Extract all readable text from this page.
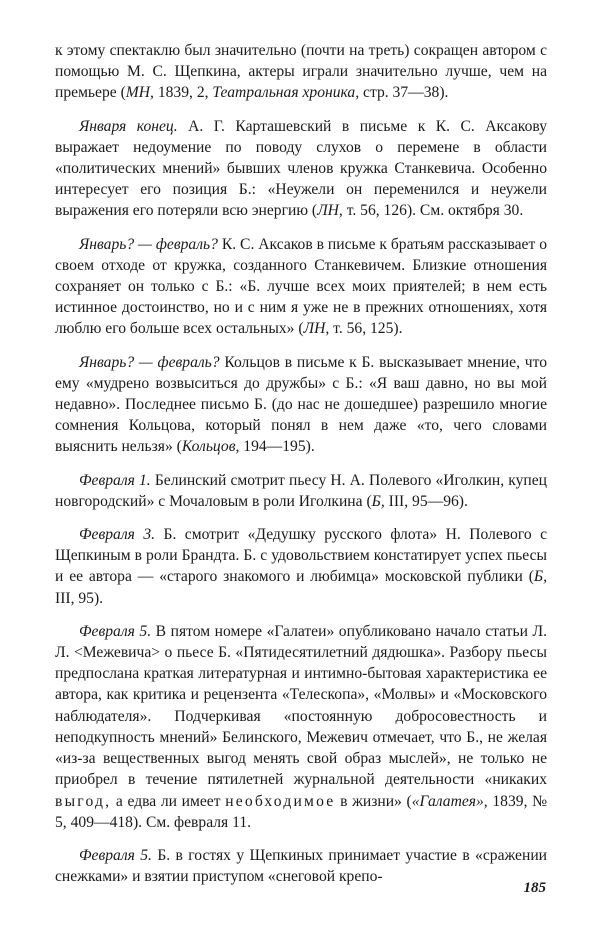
к этому спектаклю был значительно (почти на треть) сокращен автором с помощью М. С. Щепкина, актеры играли значительно лучше, чем на премьере (МН, 1839, 2, Театральная хроника, стр. 37—38).

Января конец. А. Г. Карташевский в письме к К. С. Аксакову выражает недоумение по поводу слухов о перемене в области «политических мнений» бывших членов кружка Станкевича. Особенно интересует его позиция Б.: «Неужели он переменился и неужели выражения его потеряли всю энергию (ЛН, т. 56, 126). См. октября 30.

Январь? — февраль? К. С. Аксаков в письме к братьям рассказывает о своем отходе от кружка, созданного Станкевичем. Близкие отношения сохраняет он только с Б.: «Б. лучше всех моих приятелей; в нем есть истинное достоинство, но и с ним я уже не в прежних отношениях, хотя люблю его больше всех остальных» (ЛН, т. 56, 125).

Январь? — февраль? Кольцов в письме к Б. высказывает мнение, что ему «мудрено возвыситься до дружбы» с Б.: «Я ваш давно, но вы мой недавно». Последнее письмо Б. (до нас не дошедшее) разрешило многие сомнения Кольцова, который понял в нем даже «то, чего словами выяснить нельзя» (Кольцов, 194—195).

Февраля 1. Белинский смотрит пьесу Н. А. Полевого «Иголкин, купец новгородский» с Мочаловым в роли Иголкина (Б, III, 95—96).

Февраля 3. Б. смотрит «Дедушку русского флота» Н. Полевого с Щепкиным в роли Брандта. Б. с удовольствием констатирует успех пьесы и ее автора — «старого знакомого и любимца» московской публики (Б, III, 95).

Февраля 5. В пятом номере «Галатеи» опубликовано начало статьи Л. Л. <Межевича> о пьесе Б. «Пятидесятилетний дядюшка». Разбору пьесы предпослана краткая литературная и интимно-бытовая характеристика ее автора, как критика и рецензента «Телескопа», «Молвы» и «Московского наблюдателя». Подчеркивая «постоянную добросовестность и неподкупность мнений» Белинского, Межевич отмечает, что Б., не желая «из-за вещественных выгод менять свой образ мыслей», не только не приобрел в течение пятилетней журнальной деятельности «никаких выгод, а едва ли имеет необходимое в жизни» («Галатея», 1839, № 5, 409—418). См. февраля 11.

Февраля 5. Б. в гостях у Щепкиных принимает участие в «сражении снежками» и взятии приступом «снеговой крепо-

185
